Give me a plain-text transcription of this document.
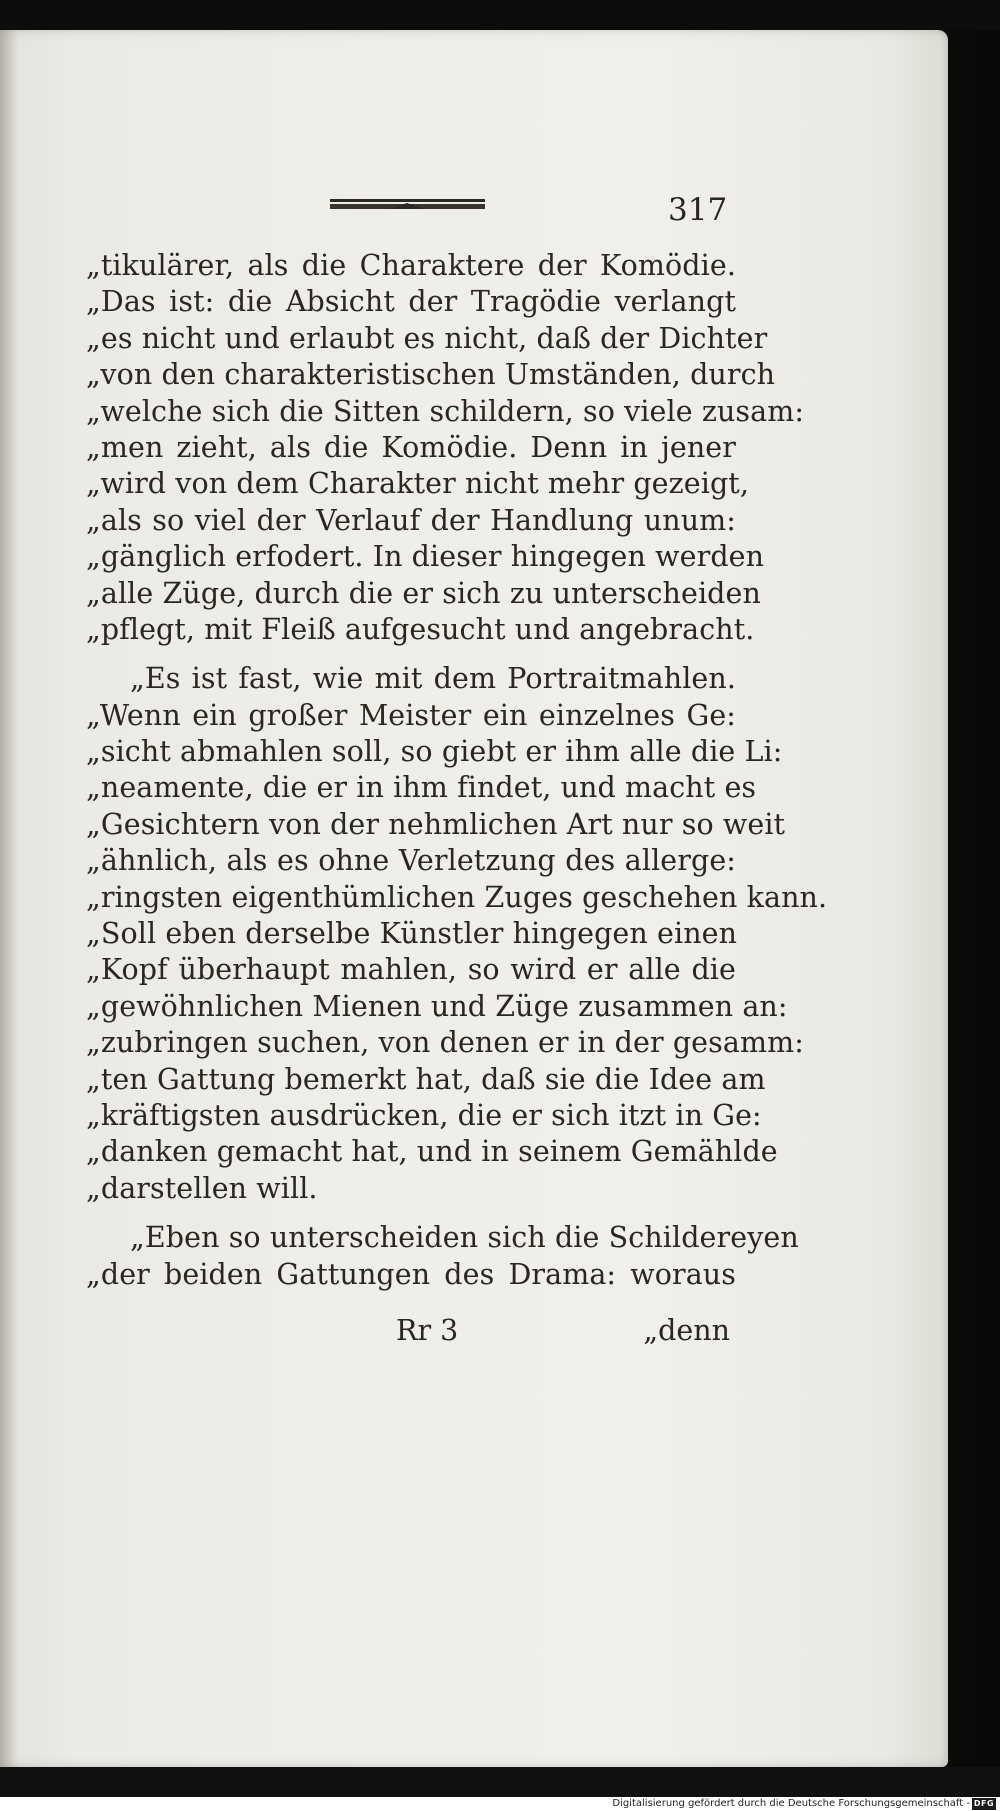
317
„tikulärer, als die Charaktere der Komödie.
„Das ist: die Absicht der Tragödie verlangt
„es nicht und erlaubt es nicht, daß der Dichter
„von den charakteristischen Umständen, durch
„welche sich die Sitten schildern, so viele zusam:
„men zieht, als die Komödie. Denn in jener
„wird von dem Charakter nicht mehr gezeigt,
„als so viel der Verlauf der Handlung unum:
„gänglich erfodert. In dieser hingegen werden
„alle Züge, durch die er sich zu unterscheiden
„pflegt, mit Fleiß aufgesucht und angebracht.
„Es ist fast, wie mit dem Portraitmahlen.
„Wenn ein großer Meister ein einzelnes Ge:
„sicht abmahlen soll, so giebt er ihm alle die Li:
„neamente, die er in ihm findet, und macht es
„Gesichtern von der nehmlichen Art nur so weit
„ähnlich, als es ohne Verletzung des allerge:
„ringsten eigenthümlichen Zuges geschehen kann.
„Soll eben derselbe Künstler hingegen einen
„Kopf überhaupt mahlen, so wird er alle die
„gewöhnlichen Mienen und Züge zusammen an:
„zubringen suchen, von denen er in der gesamm:
„ten Gattung bemerkt hat, daß sie die Idee am
„kräftigsten ausdrücken, die er sich itzt in Ge:
„danken gemacht hat, und in seinem Gemählde
„darstellen will.
„Eben so unterscheiden sich die Schildereyen
„der beiden Gattungen des Drama: woraus
Rr 3	„denn
Digitalisierung gefördert durch die Deutsche Forschungsgemeinschaft - DFG
